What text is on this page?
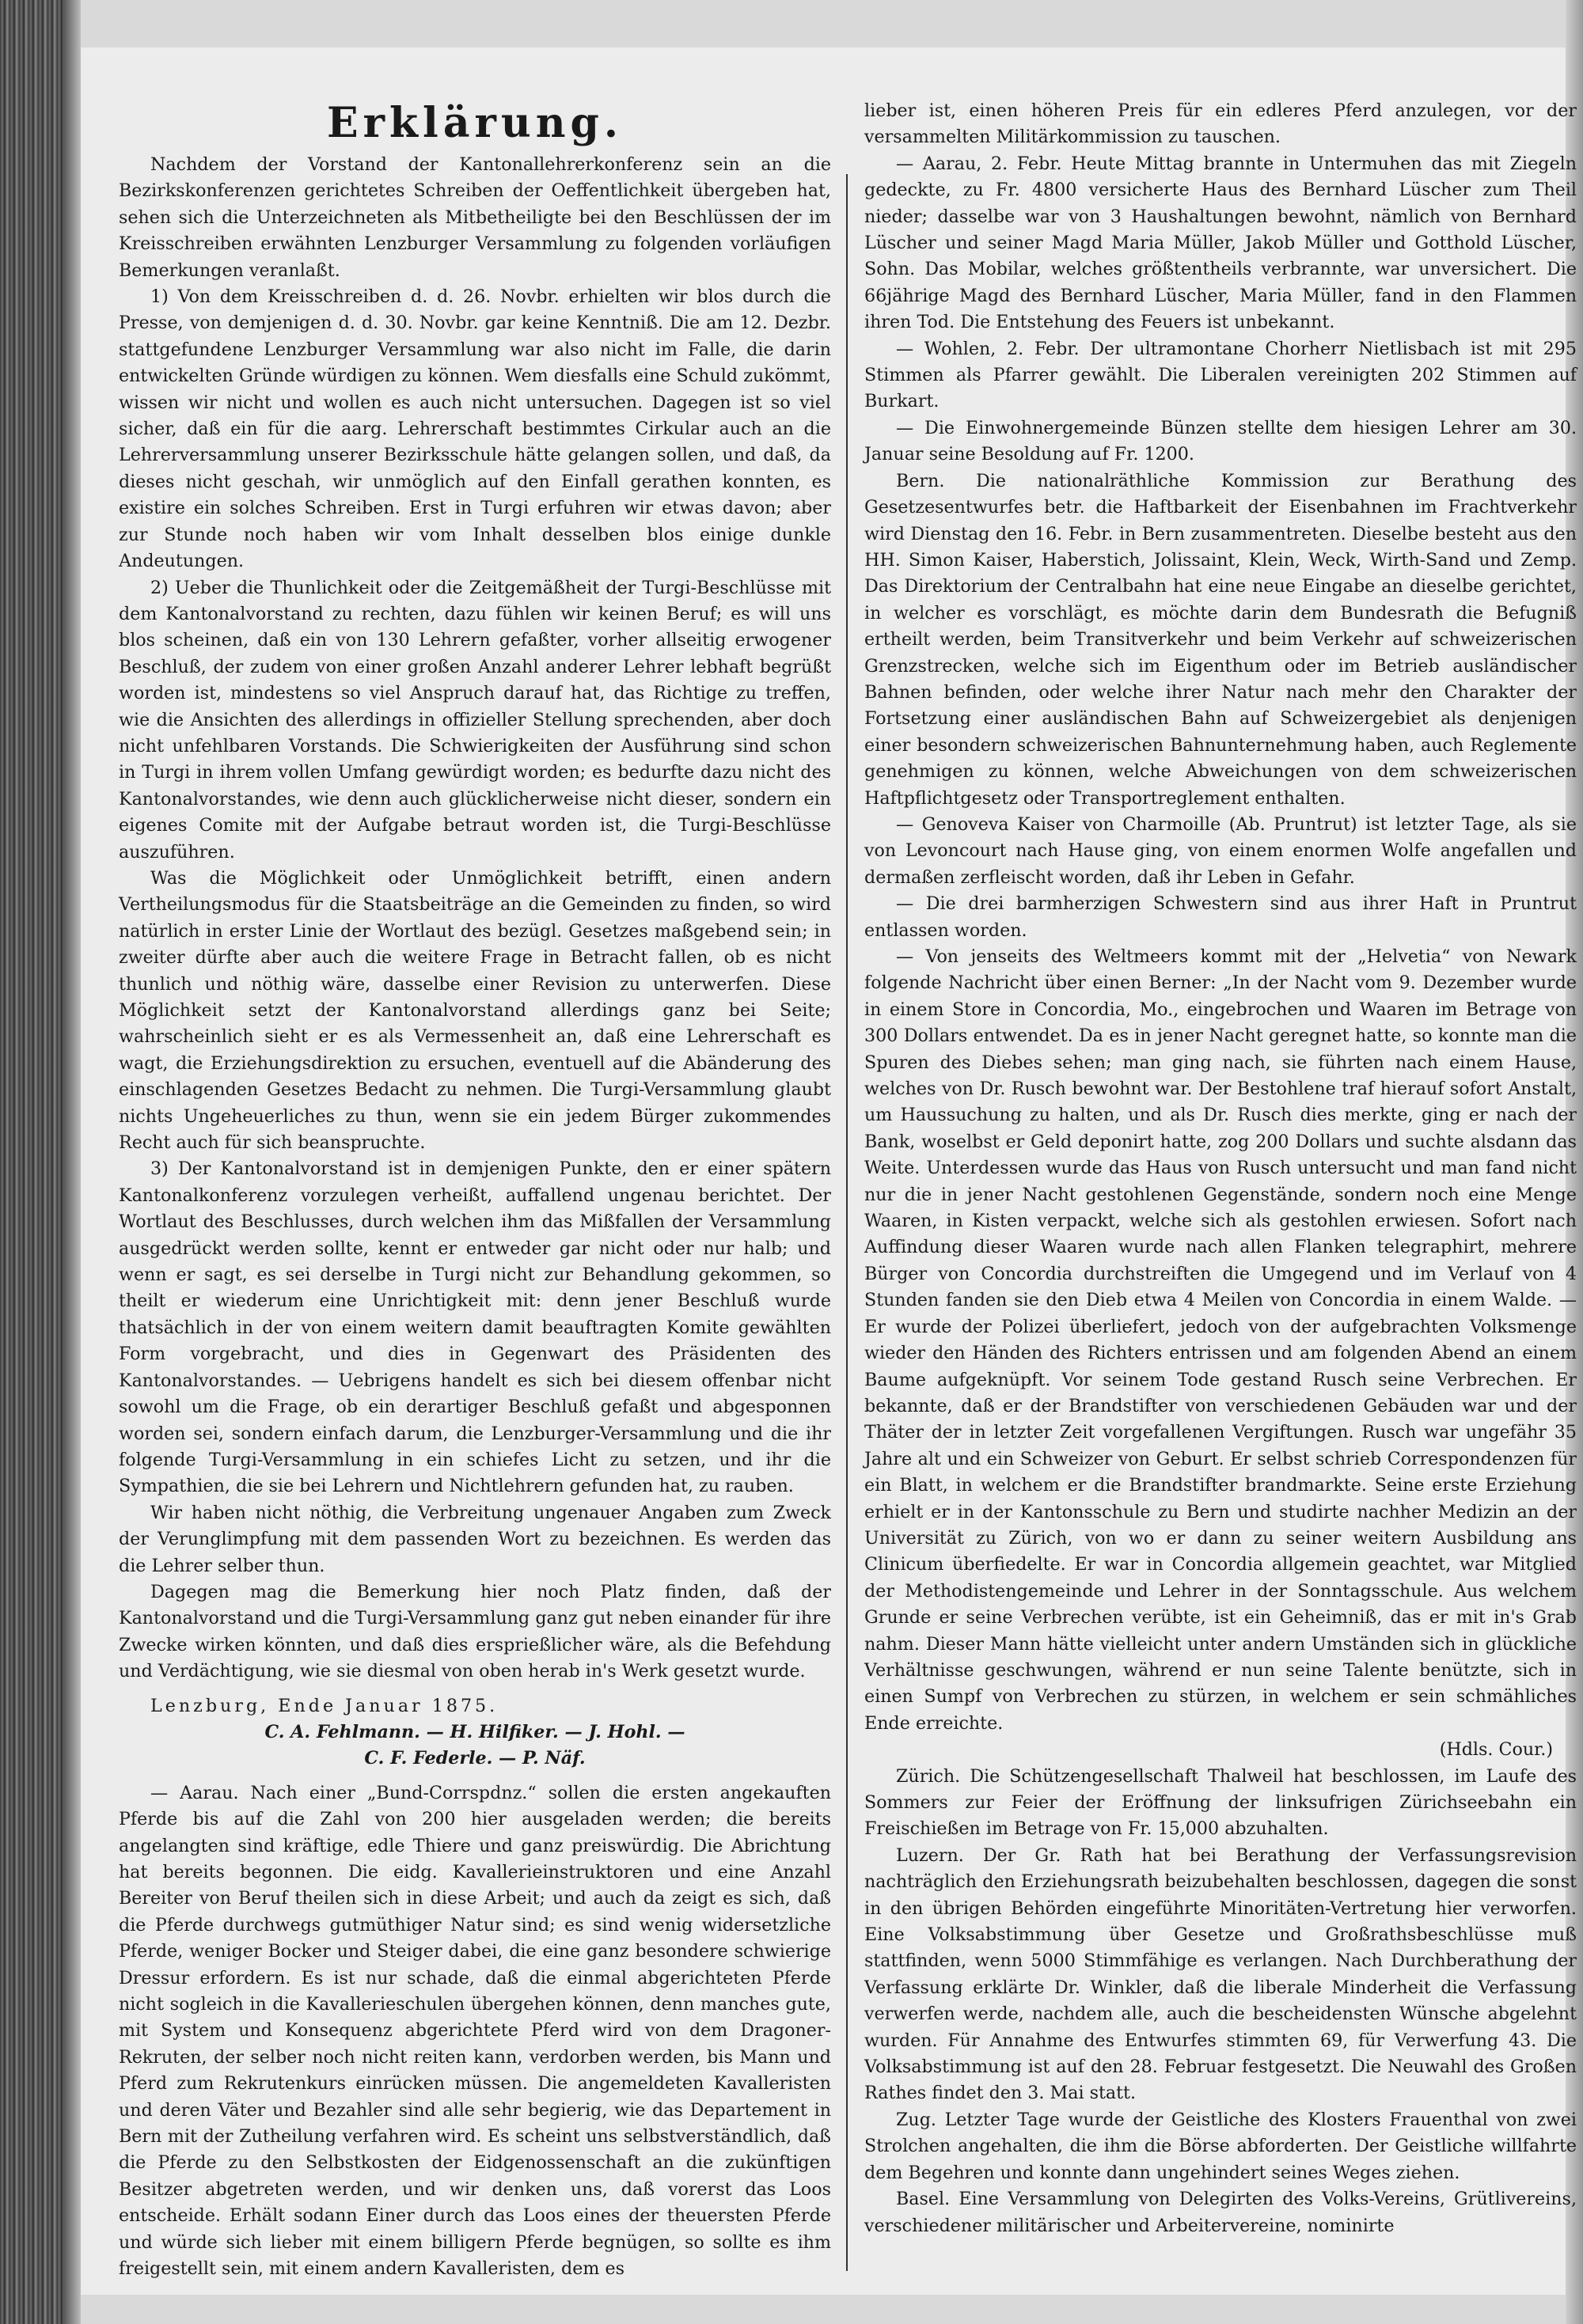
Erklärung.

Nachdem der Vorstand der Kantonallehrerkonferenz sein an die Bezirkskonferenzen gerichtetes Schreiben der Oeffentlichkeit übergeben hat, sehen sich die Unterzeichneten als Mitbetheiligte bei den Beschlüssen der im Kreisschreiben erwähnten Lenzburger Versammlung zu folgenden vorläufigen Bemerkungen veranlaßt.

1) Von dem Kreisschreiben d. d. 26. Novbr. erhielten wir blos durch die Presse, von demjenigen d. d. 30. Novbr. gar keine Kenntniß. Die am 12. Dezbr. stattgefundene Lenzburger Versammlung war also nicht im Falle, die darin entwickelten Gründe würdigen zu können. Wem diesfalls eine Schuld zukömmt, wissen wir nicht und wollen es auch nicht untersuchen. Dagegen ist so viel sicher, daß ein für die aarg. Lehrerschaft bestimmtes Cirkular auch an die Lehrerversammlung unserer Bezirksschule hätte gelangen sollen, und daß, da dieses nicht geschah, wir unmöglich auf den Einfall gerathen konnten, es existire ein solches Schreiben. Erst in Turgi erfuhren wir etwas davon; aber zur Stunde noch haben wir vom Inhalt desselben blos einige dunkle Andeutungen.

2) Ueber die Thunlichkeit oder die Zeitgemäßheit der Turgi-Beschlüsse mit dem Kantonalvorstand zu rechten, dazu fühlen wir keinen Beruf; es will uns blos scheinen, daß ein von 130 Lehrern gefaßter, vorher allseitig erwogener Beschluß, der zudem von einer großen Anzahl anderer Lehrer lebhaft begrüßt worden ist, mindestens so viel Anspruch darauf hat, das Richtige zu treffen, wie die Ansichten des allerdings in offizieller Stellung sprechenden, aber doch nicht unfehlbaren Vorstands. Die Schwierigkeiten der Ausführung sind schon in Turgi in ihrem vollen Umfang gewürdigt worden; es bedurfte dazu nicht des Kantonalvorstandes, wie denn auch glücklicherweise nicht dieser, sondern ein eigenes Comite mit der Aufgabe betraut worden ist, die Turgi-Beschlüsse auszuführen.

Was die Möglichkeit oder Unmöglichkeit betrifft, einen andern Vertheilungsmodus für die Staatsbeiträge an die Gemeinden zu finden, so wird natürlich in erster Linie der Wortlaut des bezügl. Gesetzes maßgebend sein; in zweiter dürfte aber auch die weitere Frage in Betracht fallen, ob es nicht thunlich und nöthig wäre, dasselbe einer Revision zu unterwerfen. Diese Möglichkeit setzt der Kantonalvorstand allerdings ganz bei Seite; wahrscheinlich sieht er es als Vermessenheit an, daß eine Lehrerschaft es wagt, die Erziehungsdirektion zu ersuchen, eventuell auf die Abänderung des einschlagenden Gesetzes Bedacht zu nehmen. Die Turgi-Versammlung glaubt nichts Ungeheuerliches zu thun, wenn sie ein jedem Bürger zukommendes Recht auch für sich beanspruchte.

3) Der Kantonalvorstand ist in demjenigen Punkte, den er einer spätern Kantonalkonferenz vorzulegen verheißt, auffallend ungenau berichtet. Der Wortlaut des Beschlusses, durch welchen ihm das Mißfallen der Versammlung ausgedrückt werden sollte, kennt er entweder gar nicht oder nur halb; und wenn er sagt, es sei derselbe in Turgi nicht zur Behandlung gekommen, so theilt er wiederum eine Unrichtigkeit mit: denn jener Beschluß wurde thatsächlich in der von einem weitern damit beauftragten Komite gewählten Form vorgebracht, und dies in Gegenwart des Präsidenten des Kantonalvorstandes. — Uebrigens handelt es sich bei diesem offenbar nicht sowohl um die Frage, ob ein derartiger Beschluß gefaßt und abgesponnen worden sei, sondern einfach darum, die Lenzburger-Versammlung und die ihr folgende Turgi-Versammlung in ein schiefes Licht zu setzen, und ihr die Sympathien, die sie bei Lehrern und Nichtlehrern gefunden hat, zu rauben.

Wir haben nicht nöthig, die Verbreitung ungenauer Angaben zum Zweck der Verunglimpfung mit dem passenden Wort zu bezeichnen. Es werden das die Lehrer selber thun.

Dagegen mag die Bemerkung hier noch Platz finden, daß der Kantonalvorstand und die Turgi-Versammlung ganz gut neben einander für ihre Zwecke wirken könnten, und daß dies ersprießlicher wäre, als die Befehdung und Verdächtigung, wie sie diesmal von oben herab in's Werk gesetzt wurde.

Lenzburg, Ende Januar 1875.

C. A. Fehlmann. — H. Hilfiker. — J. Hohl. —

C. F. Federle. — P. Näf.

— Aarau. Nach einer „Bund-Corrspdnz.“ sollen die ersten angekauften Pferde bis auf die Zahl von 200 hier ausgeladen werden; die bereits angelangten sind kräftige, edle Thiere und ganz preiswürdig. Die Abrichtung hat bereits begonnen. Die eidg. Kavallerieinstruktoren und eine Anzahl Bereiter von Beruf theilen sich in diese Arbeit; und auch da zeigt es sich, daß die Pferde durchwegs gutmüthiger Natur sind; es sind wenig widersetzliche Pferde, weniger Bocker und Steiger dabei, die eine ganz besondere schwierige Dressur erfordern. Es ist nur schade, daß die einmal abgerichteten Pferde nicht sogleich in die Kavallerieschulen übergehen können, denn manches gute, mit System und Konsequenz abgerichtete Pferd wird von dem Dragoner-Rekruten, der selber noch nicht reiten kann, verdorben werden, bis Mann und Pferd zum Rekrutenkurs einrücken müssen. Die angemeldeten Kavalleristen und deren Väter und Bezahler sind alle sehr begierig, wie das Departement in Bern mit der Zutheilung verfahren wird. Es scheint uns selbstverständlich, daß die Pferde zu den Selbstkosten der Eidgenossenschaft an die zukünftigen Besitzer abgetreten werden, und wir denken uns, daß vorerst das Loos entscheide. Erhält sodann Einer durch das Loos eines der theuersten Pferde und würde sich lieber mit einem billigern Pferde begnügen, so sollte es ihm freigestellt sein, mit einem andern Kavalleristen, dem es

lieber ist, einen höheren Preis für ein edleres Pferd anzulegen, vor der versammelten Militärkommission zu tauschen.

— Aarau, 2. Febr. Heute Mittag brannte in Untermuhen das mit Ziegeln gedeckte, zu Fr. 4800 versicherte Haus des Bernhard Lüscher zum Theil nieder; dasselbe war von 3 Haushaltungen bewohnt, nämlich von Bernhard Lüscher und seiner Magd Maria Müller, Jakob Müller und Gotthold Lüscher, Sohn. Das Mobilar, welches größtentheils verbrannte, war unversichert. Die 66jährige Magd des Bernhard Lüscher, Maria Müller, fand in den Flammen ihren Tod. Die Entstehung des Feuers ist unbekannt.

— Wohlen, 2. Febr. Der ultramontane Chorherr Nietlisbach ist mit 295 Stimmen als Pfarrer gewählt. Die Liberalen vereinigten 202 Stimmen auf Burkart.

— Die Einwohnergemeinde Bünzen stellte dem hiesigen Lehrer am 30. Januar seine Besoldung auf Fr. 1200.

Bern. Die nationalräthliche Kommission zur Berathung des Gesetzesentwurfes betr. die Haftbarkeit der Eisenbahnen im Frachtverkehr wird Dienstag den 16. Febr. in Bern zusammentreten. Dieselbe besteht aus den HH. Simon Kaiser, Haberstich, Jolissaint, Klein, Weck, Wirth-Sand und Zemp. Das Direktorium der Centralbahn hat eine neue Eingabe an dieselbe gerichtet, in welcher es vorschlägt, es möchte darin dem Bundesrath die Befugniß ertheilt werden, beim Transitverkehr und beim Verkehr auf schweizerischen Grenzstrecken, welche sich im Eigenthum oder im Betrieb ausländischer Bahnen befinden, oder welche ihrer Natur nach mehr den Charakter der Fortsetzung einer ausländischen Bahn auf Schweizergebiet als denjenigen einer besondern schweizerischen Bahnunternehmung haben, auch Reglemente genehmigen zu können, welche Abweichungen von dem schweizerischen Haftpflichtgesetz oder Transportreglement enthalten.

— Genoveva Kaiser von Charmoille (Ab. Pruntrut) ist letzter Tage, als sie von Levoncourt nach Hause ging, von einem enormen Wolfe angefallen und dermaßen zerfleischt worden, daß ihr Leben in Gefahr.

— Die drei barmherzigen Schwestern sind aus ihrer Haft in Pruntrut entlassen worden.

— Von jenseits des Weltmeers kommt mit der „Helvetia“ von Newark folgende Nachricht über einen Berner: „In der Nacht vom 9. Dezember wurde in einem Store in Concordia, Mo., eingebrochen und Waaren im Betrage von 300 Dollars entwendet. Da es in jener Nacht geregnet hatte, so konnte man die Spuren des Diebes sehen; man ging nach, sie führten nach einem Hause, welches von Dr. Rusch bewohnt war. Der Bestohlene traf hierauf sofort Anstalt, um Haussuchung zu halten, und als Dr. Rusch dies merkte, ging er nach der Bank, woselbst er Geld deponirt hatte, zog 200 Dollars und suchte alsdann das Weite. Unterdessen wurde das Haus von Rusch untersucht und man fand nicht nur die in jener Nacht gestohlenen Gegenstände, sondern noch eine Menge Waaren, in Kisten verpackt, welche sich als gestohlen erwiesen. Sofort nach Auffindung dieser Waaren wurde nach allen Flanken telegraphirt, mehrere Bürger von Concordia durchstreiften die Umgegend und im Verlauf von 4 Stunden fanden sie den Dieb etwa 4 Meilen von Concordia in einem Walde. — Er wurde der Polizei überliefert, jedoch von der aufgebrachten Volksmenge wieder den Händen des Richters entrissen und am folgenden Abend an einem Baume aufgeknüpft. Vor seinem Tode gestand Rusch seine Verbrechen. Er bekannte, daß er der Brandstifter von verschiedenen Gebäuden war und der Thäter der in letzter Zeit vorgefallenen Vergiftungen. Rusch war ungefähr 35 Jahre alt und ein Schweizer von Geburt. Er selbst schrieb Correspondenzen für ein Blatt, in welchem er die Brandstifter brandmarkte. Seine erste Erziehung erhielt er in der Kantonsschule zu Bern und studirte nachher Medizin an der Universität zu Zürich, von wo er dann zu seiner weitern Ausbildung ans Clinicum überfiedelte. Er war in Concordia allgemein geachtet, war Mitglied der Methodistengemeinde und Lehrer in der Sonntagsschule. Aus welchem Grunde er seine Verbrechen verübte, ist ein Geheimniß, das er mit in's Grab nahm. Dieser Mann hätte vielleicht unter andern Umständen sich in glückliche Verhältnisse geschwungen, während er nun seine Talente benützte, sich in einen Sumpf von Verbrechen zu stürzen, in welchem er sein schmähliches Ende erreichte.

(Hdls. Cour.)

Zürich. Die Schützengesellschaft Thalweil hat beschlossen, im Laufe des Sommers zur Feier der Eröffnung der linksufrigen Zürichseebahn ein Freischießen im Betrage von Fr. 15,000 abzuhalten.

Luzern. Der Gr. Rath hat bei Berathung der Verfassungsrevision nachträglich den Erziehungsrath beizubehalten beschlossen, dagegen die sonst in den übrigen Behörden eingeführte Minoritäten-Vertretung hier verworfen. Eine Volksabstimmung über Gesetze und Großrathsbeschlüsse muß stattfinden, wenn 5000 Stimmfähige es verlangen. Nach Durchberathung der Verfassung erklärte Dr. Winkler, daß die liberale Minderheit die Verfassung verwerfen werde, nachdem alle, auch die bescheidensten Wünsche abgelehnt wurden. Für Annahme des Entwurfes stimmten 69, für Verwerfung 43. Die Volksabstimmung ist auf den 28. Februar festgesetzt. Die Neuwahl des Großen Rathes findet den 3. Mai statt.

Zug. Letzter Tage wurde der Geistliche des Klosters Frauenthal von zwei Strolchen angehalten, die ihm die Börse abforderten. Der Geistliche willfahrte dem Begehren und konnte dann ungehindert seines Weges ziehen.

Basel. Eine Versammlung von Delegirten des Volks-Vereins, Grütlivereins, verschiedener militärischer und Arbeitervereine, nominirte
